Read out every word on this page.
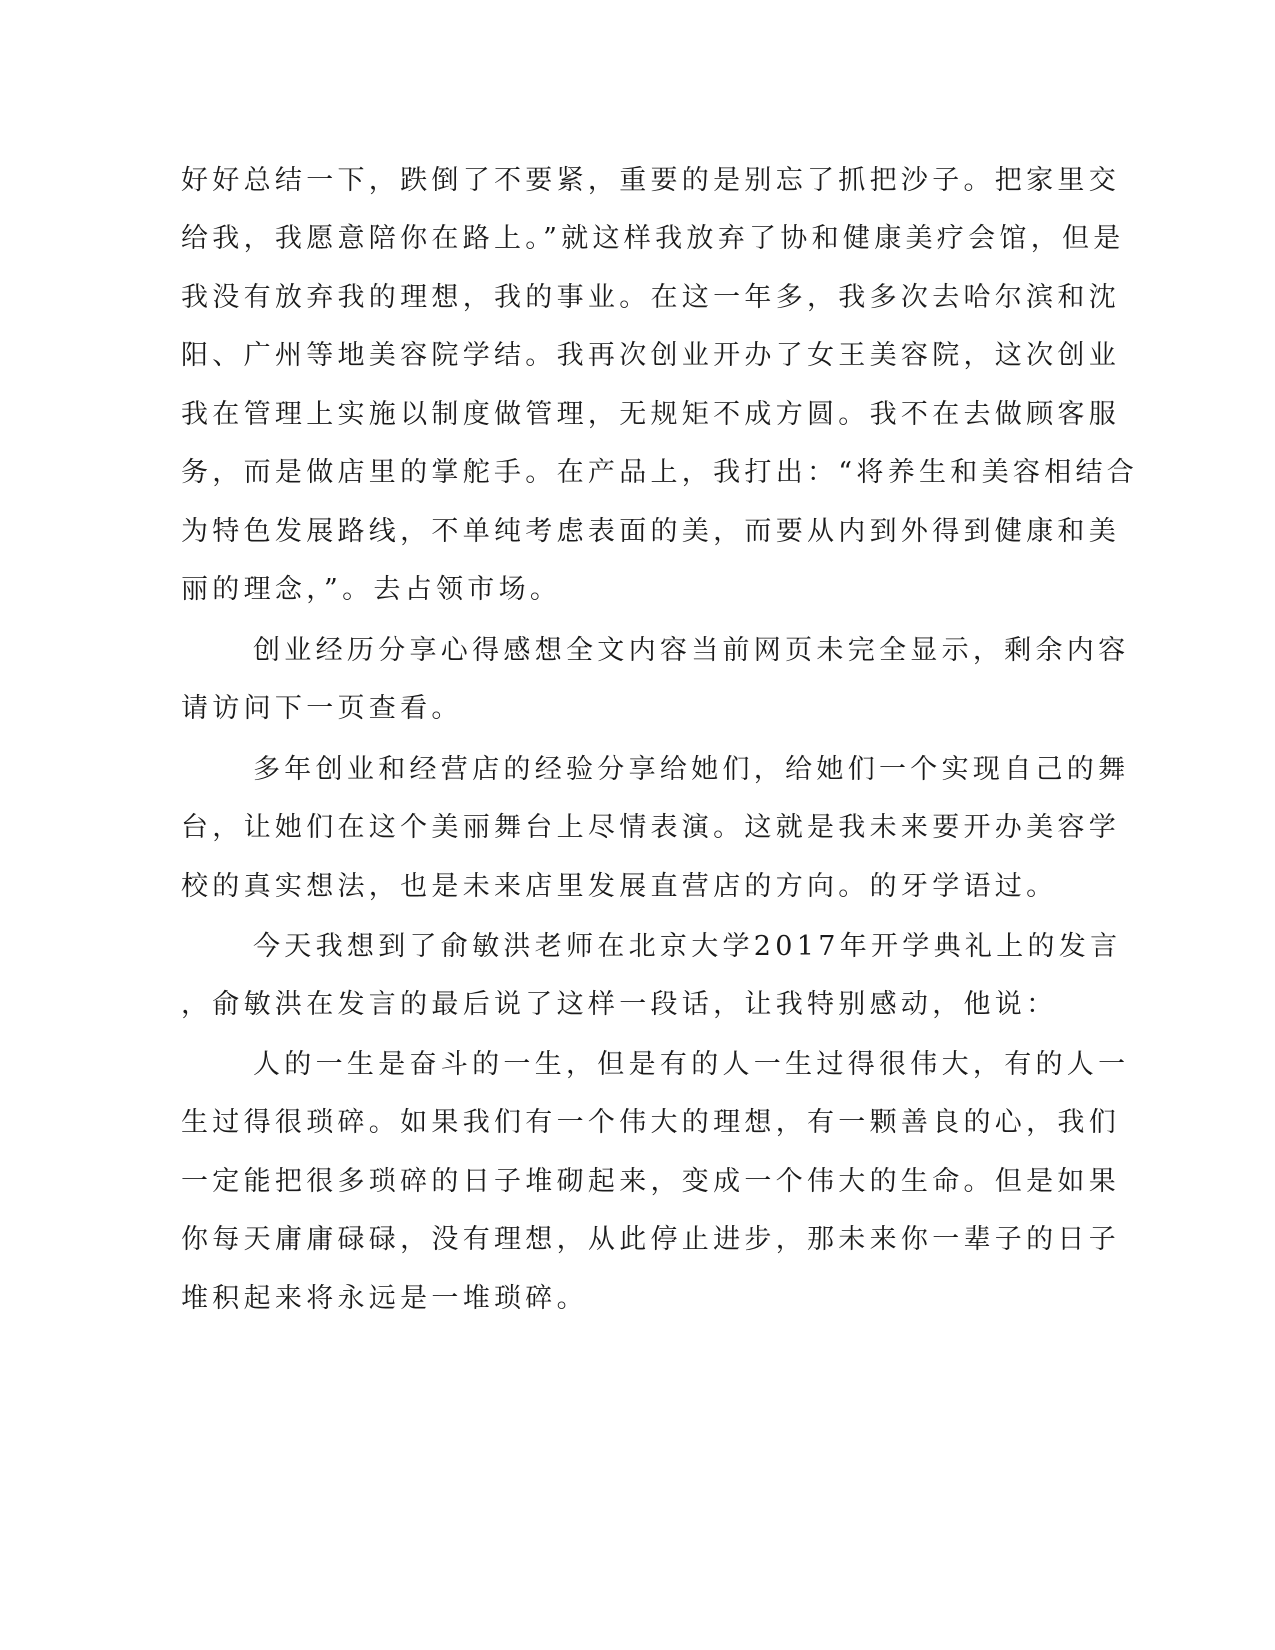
好好总结一下，跌倒了不要紧，重要的是别忘了抓把沙子。把家里交

给我，我愿意陪你在路上。”就这样我放弃了协和健康美疗会馆，但是

我没有放弃我的理想，我的事业。在这一年多，我多次去哈尔滨和沈

阳、广州等地美容院学结。我再次创业开办了女王美容院，这次创业

我在管理上实施以制度做管理，无规矩不成方圆。我不在去做顾客服

务，而是做店里的掌舵手。在产品上，我打出：“将养生和美容相结合

为特色发展路线，不单纯考虑表面的美，而要从内到外得到健康和美

丽的理念，”。去占领市场。

创业经历分享心得感想全文内容当前网页未完全显示，剩余内容

请访问下一页查看。

多年创业和经营店的经验分享给她们，给她们一个实现自己的舞

台，让她们在这个美丽舞台上尽情表演。这就是我未来要开办美容学

校的真实想法，也是未来店里发展直营店的方向。的牙学语过。

今天我想到了俞敏洪老师在北京大学2017年开学典礼上的发言

，俞敏洪在发言的最后说了这样一段话，让我特别感动，他说：

人的一生是奋斗的一生，但是有的人一生过得很伟大，有的人一

生过得很琐碎。如果我们有一个伟大的理想，有一颗善良的心，我们

一定能把很多琐碎的日子堆砌起来，变成一个伟大的生命。但是如果

你每天庸庸碌碌，没有理想，从此停止进步，那未来你一辈子的日子

堆积起来将永远是一堆琐碎。
